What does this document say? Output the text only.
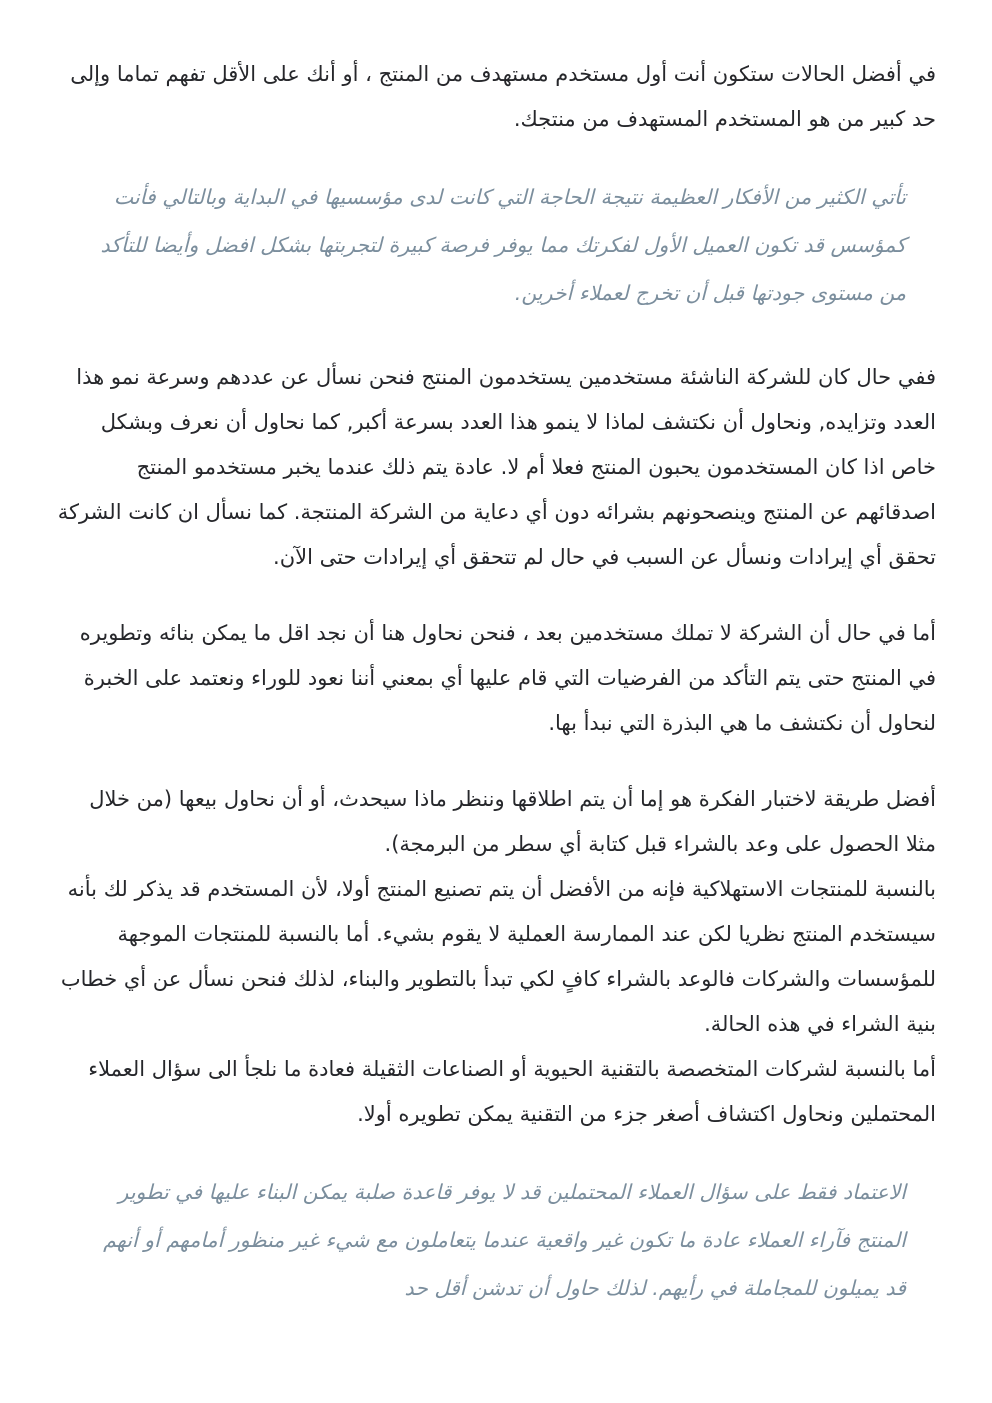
في أفضل الحالات ستكون أنت أول مستخدم مستهدف من المنتج ، أو أنك على الأقل تفهم تماما وإلى حد كبير من هو المستخدم المستهدف من منتجك.

تأتي الكثير من الأفكار العظيمة نتيجة الحاجة التي كانت لدى مؤسسيها في البداية وبالتالي فأنت كمؤسس قد تكون العميل الأول لفكرتك مما يوفر فرصة كبيرة لتجربتها بشكل افضل وأيضا للتأكد من مستوى جودتها قبل أن تخرج لعملاء أخرين.

ففي حال كان للشركة الناشئة مستخدمين يستخدمون المنتج فنحن نسأل عن عددهم وسرعة نمو هذا العدد وتزايده, ونحاول أن نكتشف لماذا لا ينمو هذا العدد بسرعة أكبر, كما نحاول أن نعرف وبشكل خاص اذا كان المستخدمون يحبون المنتج فعلا أم لا. عادة يتم ذلك عندما يخبر مستخدمو المنتج اصدقائهم عن المنتج وينصحونهم بشرائه دون أي دعاية من الشركة المنتجة. كما نسأل ان كانت الشركة تحقق أي إيرادات ونسأل عن السبب في حال لم تتحقق أي إيرادات حتى الآن.

أما في حال أن الشركة لا تملك مستخدمين بعد ، فنحن نحاول هنا أن نجد اقل ما يمكن بنائه وتطويره في المنتج حتى يتم التأكد من الفرضيات التي قام عليها أي بمعني أننا نعود للوراء ونعتمد على الخبرة لنحاول أن نكتشف ما هي البذرة التي نبدأ بها.

أفضل طريقة لاختبار الفكرة هو إما أن يتم اطلاقها وننظر ماذا سيحدث، أو أن نحاول بيعها (من خلال مثلا الحصول على وعد بالشراء قبل كتابة أي سطر من البرمجة).

بالنسبة للمنتجات الاستهلاكية فإنه من الأفضل أن يتم تصنيع المنتج أولا، لأن المستخدم قد يذكر لك بأنه سيستخدم المنتج نظريا لكن عند الممارسة العملية لا يقوم بشيء. أما بالنسبة للمنتجات الموجهة للمؤسسات والشركات فالوعد بالشراء كافٍ لكي تبدأ بالتطوير والبناء، لذلك فنحن نسأل عن أي خطاب بنية الشراء في هذه الحالة.

أما بالنسبة لشركات المتخصصة بالتقنية الحيوية أو الصناعات الثقيلة فعادة ما نلجأ الى سؤال العملاء المحتملين ونحاول اكتشاف أصغر جزء من التقنية يمكن تطويره أولا.

الاعتماد فقط على سؤال العملاء المحتملين قد لا يوفر قاعدة صلبة يمكن البناء عليها في تطوير المنتج فآراء العملاء عادة ما تكون غير واقعية عندما يتعاملون مع شيء غير منظور أمامهم أو أنهم قد يميلون للمجاملة في رأيهم. لذلك حاول أن تدشن أقل حد
